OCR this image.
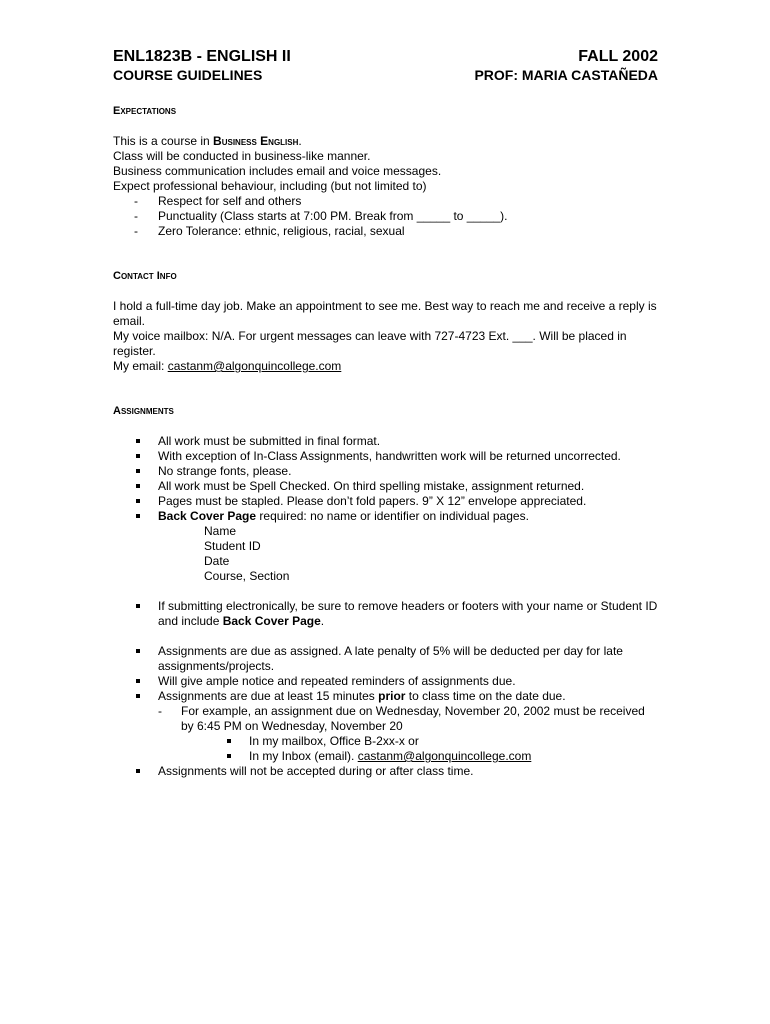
ENL1823B - ENGLISH II	FALL 2002
COURSE GUIDELINES	PROF: MARIA CASTAÑEDA
Expectations
This is a course in Business English.
Class will be conducted in business-like manner.
Business communication includes email and voice messages.
Expect professional behaviour, including (but not limited to)
- Respect for self and others
- Punctuality (Class starts at 7:00 PM. Break from _____ to _____).
- Zero Tolerance: ethnic, religious, racial, sexual
Contact Info
I hold a full-time day job. Make an appointment to see me. Best way to reach me and receive a reply is email.
My voice mailbox: N/A. For urgent messages can leave with 727-4723 Ext. ___. Will be placed in register.
My email: castanm@algonquincollege.com
Assignments
All work must be submitted in final format.
With exception of In-Class Assignments, handwritten work will be returned uncorrected.
No strange fonts, please.
All work must be Spell Checked. On third spelling mistake, assignment returned.
Pages must be stapled. Please don’t fold papers. 9” X 12” envelope appreciated.
Back Cover Page required: no name or identifier on individual pages.
Name
Student ID
Date
Course, Section
If submitting electronically, be sure to remove headers or footers with your name or Student ID and include Back Cover Page.
Assignments are due as assigned. A late penalty of 5% will be deducted per day for late assignments/projects.
Will give ample notice and repeated reminders of assignments due.
Assignments are due at least 15 minutes prior to class time on the date due.
- For example, an assignment due on Wednesday, November 20, 2002 must be received by 6:45 PM on Wednesday, November 20
In my mailbox, Office B-2xx-x or
In my Inbox (email). castanm@algonquincollege.com
Assignments will not be accepted during or after class time.
